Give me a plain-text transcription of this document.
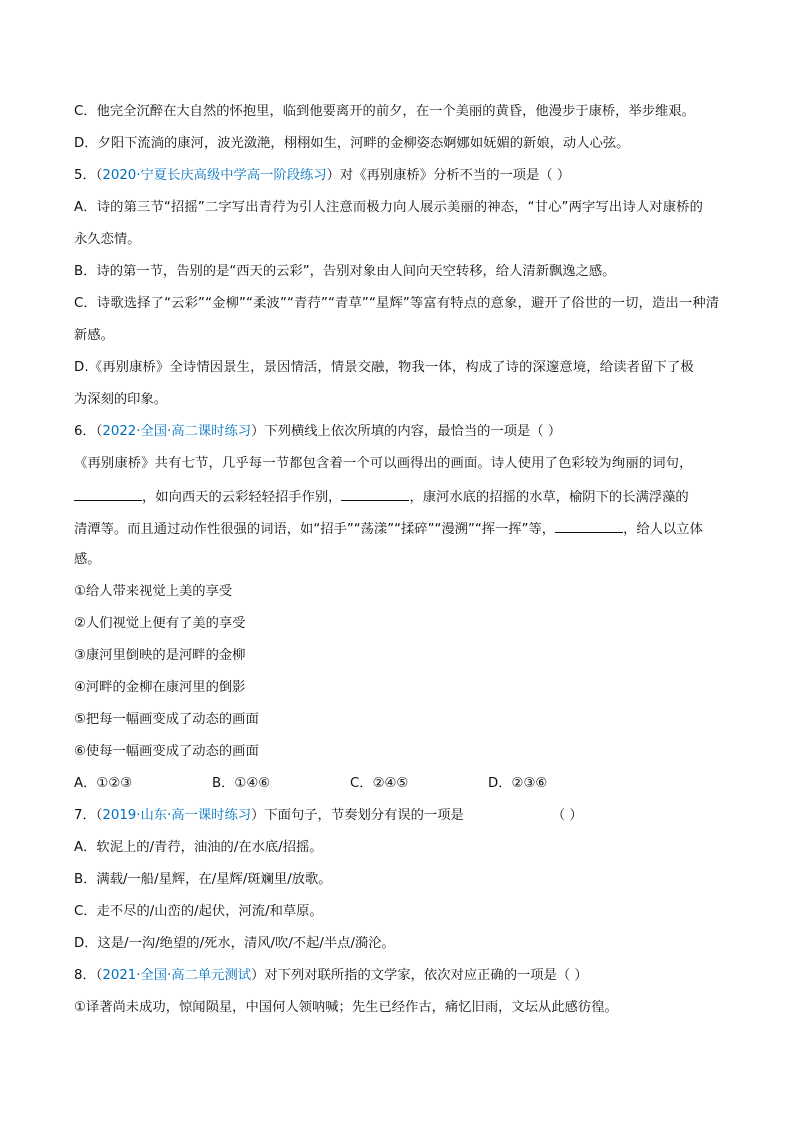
C．他完全沉醉在大自然的怀抱里，临到他要离开的前夕，在一个美丽的黄昏，他漫步于康桥，举步维艰。
D．夕阳下流淌的康河，波光潋滟，栩栩如生，河畔的金柳姿态婀娜如妩媚的新娘，动人心弦。
5．（2020·宁夏长庆高级中学高一阶段练习）对《再别康桥》分析不当的一项是（ ）
A．诗的第三节“招摇”二字写出青荇为引人注意而极力向人展示美丽的神态，“甘心”两字写出诗人对康桥的
永久恋情。
B．诗的第一节，告别的是“西天的云彩”，告别对象由人间向天空转移，给人清新飘逸之感。
C．诗歌选择了“云彩”“金柳”“柔波”“青荇”“青草”“星辉”等富有特点的意象，避开了俗世的一切，造出一种清
新感。
D.《再别康桥》全诗情因景生，景因情活，情景交融，物我一体，构成了诗的深邃意境，给读者留下了极
为深刻的印象。
6．（2022·全国·高二课时练习）下列横线上依次所填的内容，最恰当的一项是（ ）
《再别康桥》共有七节，几乎每一节都包含着一个可以画得出的画面。诗人使用了色彩较为绚丽的词句，
，如向西天的云彩轻轻招手作别，	，康河水底的招摇的水草，榆阴下的长满浮藻的
清潭等。而且通过动作性很强的词语，如“招手”“荡漾”“揉碎”“漫溯”“挥一挥”等，	，给人以立体
感。
①给人带来视觉上美的享受
②人们视觉上便有了美的享受
③康河里倒映的是河畔的金柳
④河畔的金柳在康河里的倒影
⑤把每一幅画变成了动态的画面
⑥使每一幅画变成了动态的画面
A．①②③	B．①④⑥	C．②④⑤	D．②③⑥
7．（2019·山东·高一课时练习）下面句子，节奏划分有误的一项是	（ ）
A．软泥上的/青荇，油油的/在水底/招摇。
B．满载/一船/星辉，在/星辉/斑斓里/放歌。
C．走不尽的/山峦的/起伏，河流/和草原。
D．这是/一沟/绝望的/死水，清风/吹/不起/半点/漪沦。
8．（2021·全国·高二单元测试）对下列对联所指的文学家，依次对应正确的一项是（ ）
①译著尚未成功，惊闻陨星，中国何人领呐喊；先生已经作古，痛忆旧雨，文坛从此感彷徨。
